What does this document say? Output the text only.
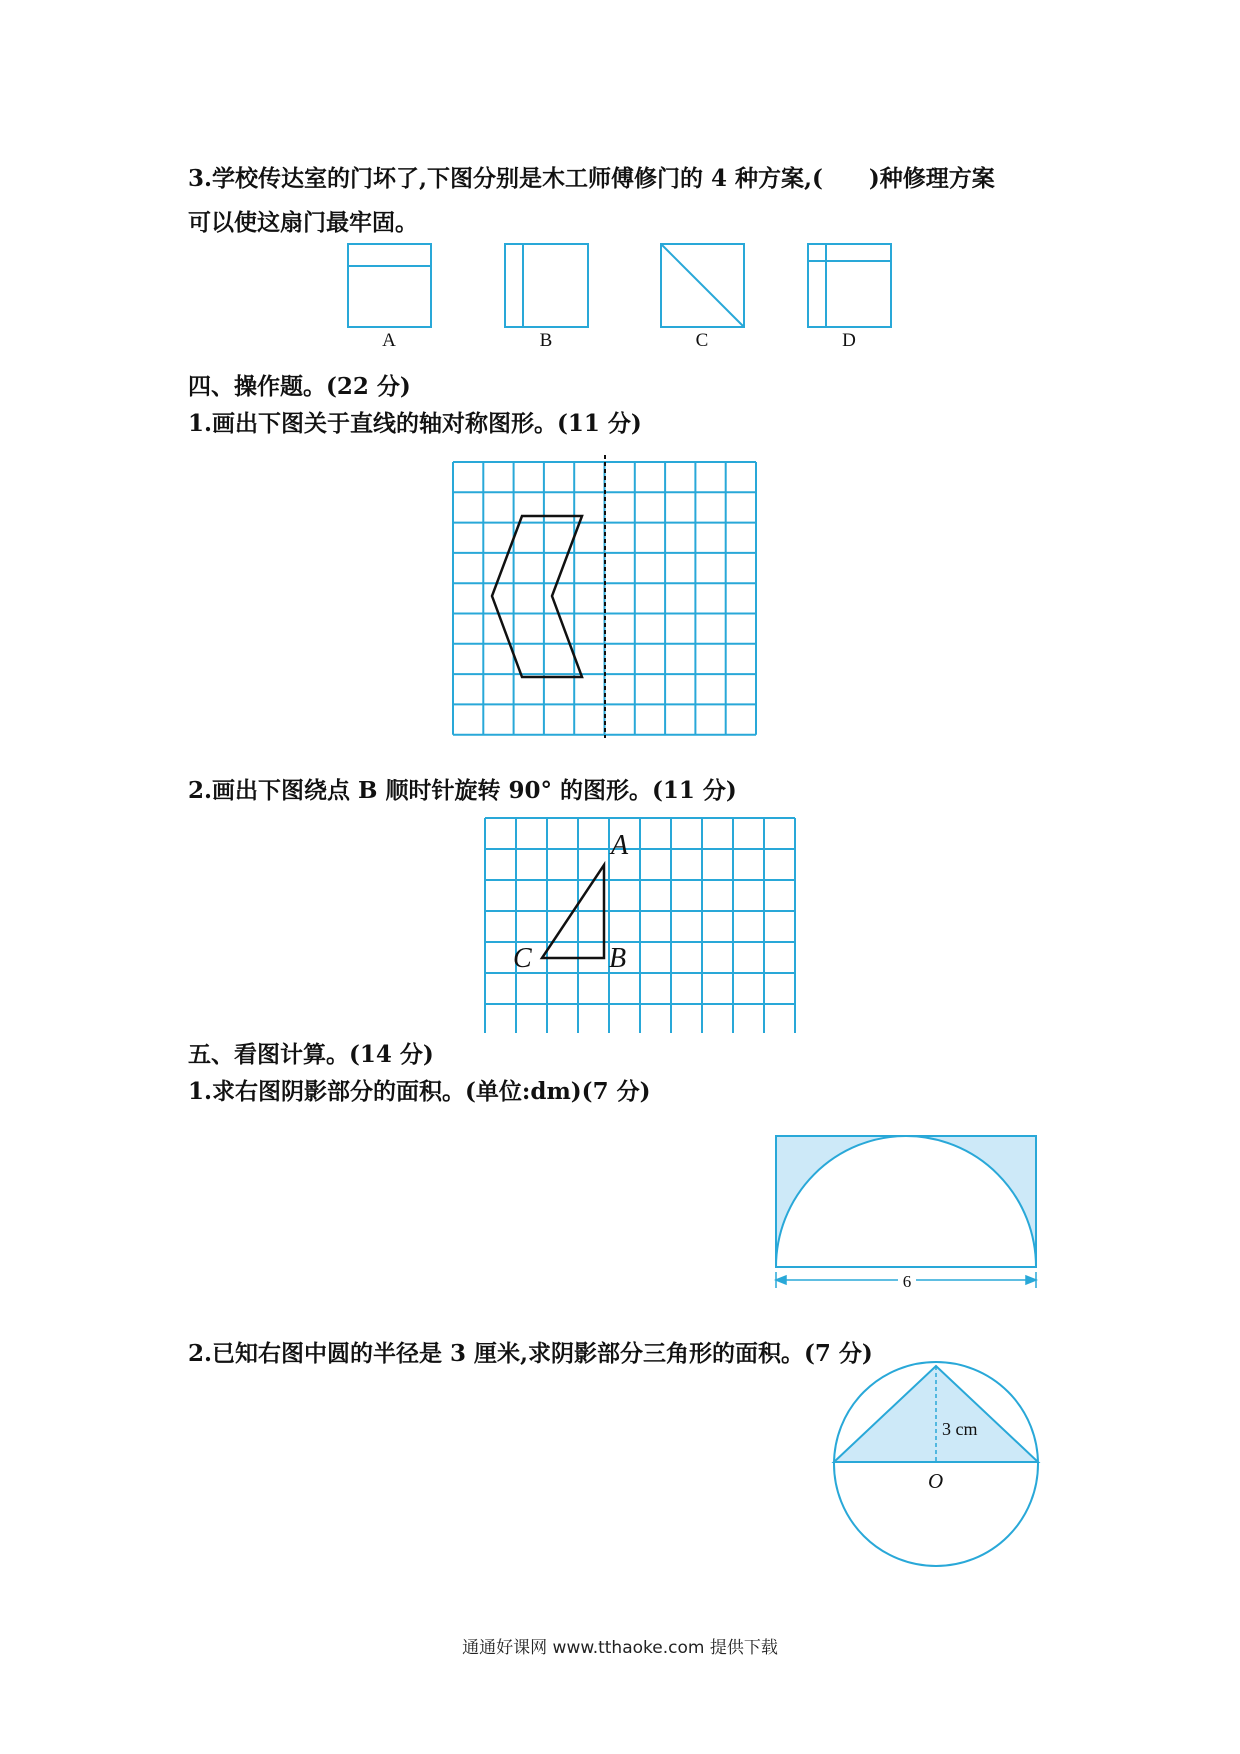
3.学校传达室的门坏了,下图分别是木工师傅修门的 4 种方案,(　　)种修理方案
可以使这扇门最牢固。
A	B	C	D
四、操作题。(22 分)
1.画出下图关于直线的轴对称图形。(11 分)
2.画出下图绕点 B 顺时针旋转 90° 的图形。(11 分)
A
B
C
五、看图计算。(14 分)
1.求右图阴影部分的面积。(单位:dm)(7 分)
6
2.已知右图中圆的半径是 3 厘米,求阴影部分三角形的面积。(7 分)
3 cm
O
通通好课网 www.tthaoke.com 提供下载
